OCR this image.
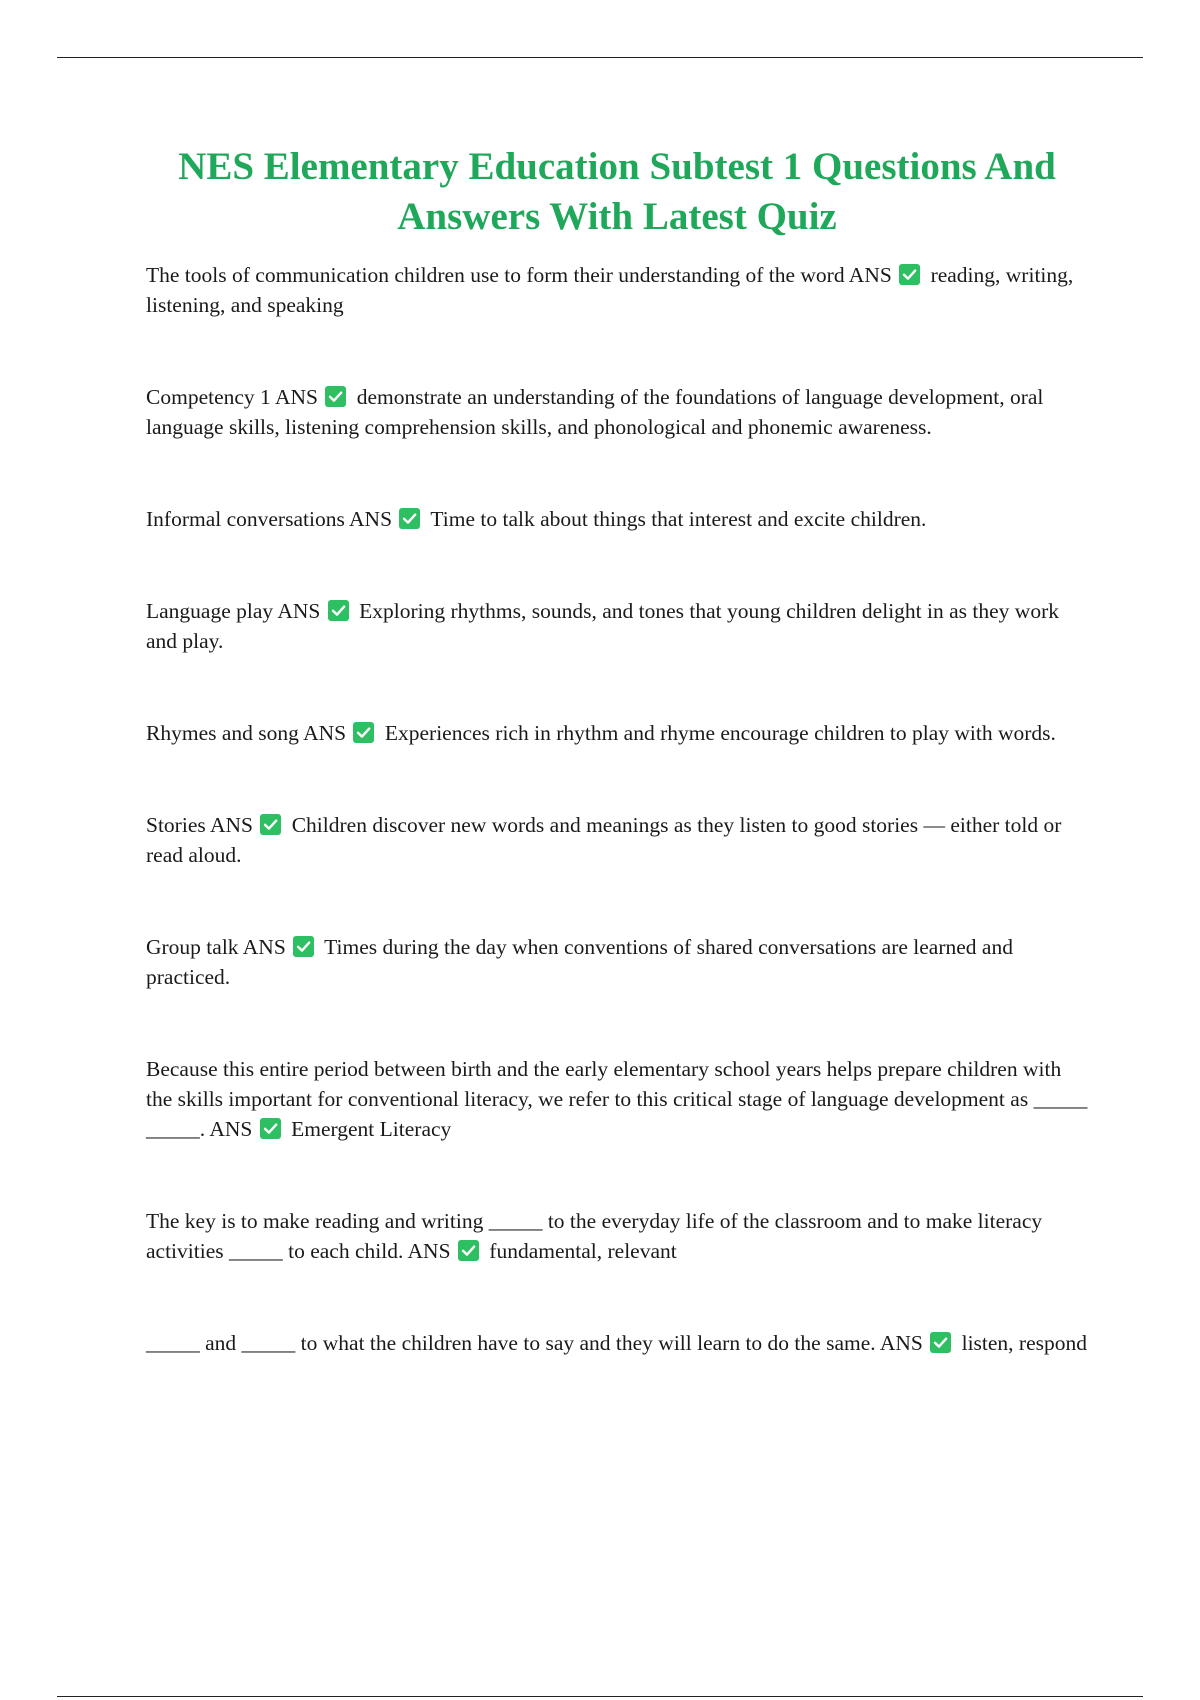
NES Elementary Education Subtest 1 Questions And Answers With Latest Quiz
The tools of communication children use to form their understanding of the word ANS reading, writing, listening, and speaking
Competency 1 ANS demonstrate an understanding of the foundations of language development, oral language skills, listening comprehension skills, and phonological and phonemic awareness.
Informal conversations ANS Time to talk about things that interest and excite children.
Language play ANS Exploring rhythms, sounds, and tones that young children delight in as they work and play.
Rhymes and song ANS Experiences rich in rhythm and rhyme encourage children to play with words.
Stories ANS Children discover new words and meanings as they listen to good stories — either told or read aloud.
Group talk ANS Times during the day when conventions of shared conversations are learned and practiced.
Because this entire period between birth and the early elementary school years helps prepare children with the skills important for conventional literacy, we refer to this critical stage of language development as _____ _____. ANS Emergent Literacy
The key is to make reading and writing _____ to the everyday life of the classroom and to make literacy activities _____ to each child. ANS fundamental, relevant
_____ and _____ to what the children have to say and they will learn to do the same. ANS listen, respond
